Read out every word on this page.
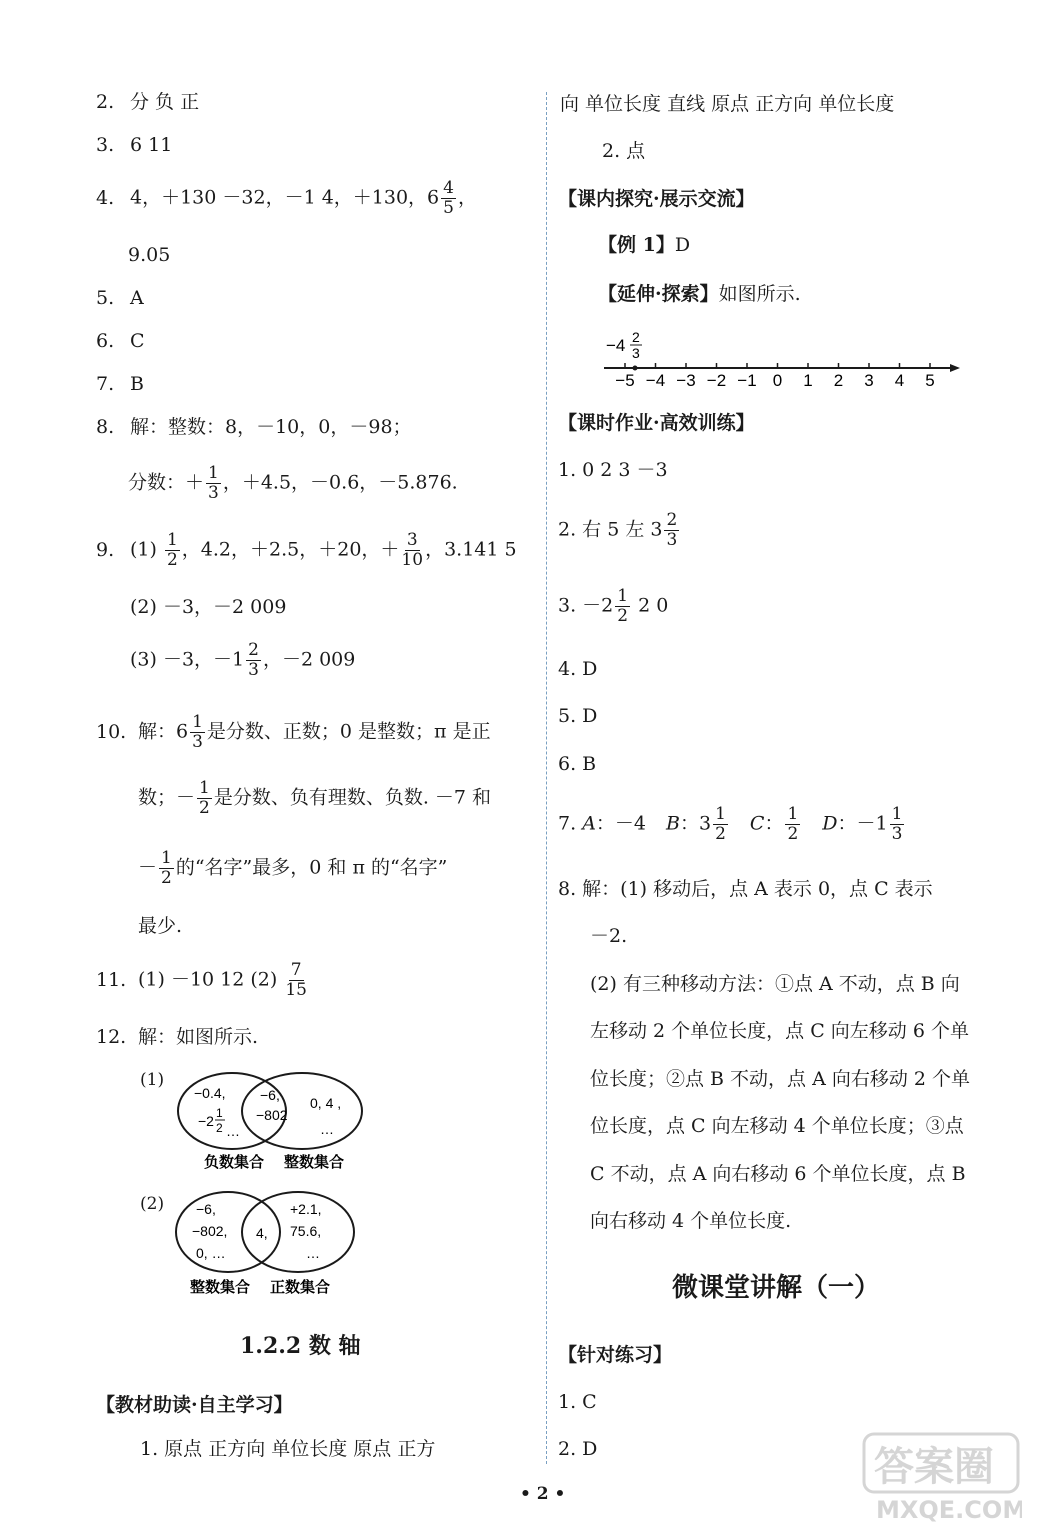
2. 分 负 正
3. 6 11
4. 4，＋130 －32，－1 4，＋130，$6 \frac{4}{5}$ ，
9.05
5. A
6. C
7. B
8. 解：整数：8，－10，0，－98；
分数：＋ $\frac{1}{3}$ ，＋4.5，－0.6，－5.876.
9. $(1) \frac{1}{2}$ ，4.2，＋2.5，＋20，＋ $\frac{3}{10}$ ，3.141 5
(2) －3，－2 009
(3) －3，$-1 \frac{2}{3}$ ，－2 009
10. 解：$6 \frac{1}{3}$ 是分数、正数；0 是整数；π 是正
数；－ $\frac{1}{2}$ 是分数、负有理数、负数. －7 和
－ $\frac{1}{2}$ 的“名字”最多，0 和 π 的“名字”
最少.
11. (1) －10 12 $(2) \frac{7}{15}$
12. 解：如图所示.
(1)
−0.4,
−2 1
2 …
−6,
−802
0, 4 ,
…
负数集合 整数集合
(2) −6,
−802,
0, …
4,
+2.1,
75.6,
…
整数集合 正数集合
1.2.2 数 轴
【教材助读·自主学习】
1. 原点 正方向 单位长度 原点 正方
向 单位长度 直线 原点 正方向 单位长度
2. 点
【课内探究·展示交流】
【例 1】D
【延伸·探索】如图所示.
−5 −4 −3 −2 −1 0 1 2 3 4 5
−4 2
3
【课时作业·高效训练】
1. 0 2 3 －3
2. 右 5 左 $3 \frac{2}{3}$
3. $-2 \frac{1}{2} 2$ 0
4. D
5. D
6. B
7. A：－4 B：$3 \frac{1}{2}$ C： $\frac{1}{2}$ D：$-1 \frac{1}{3}$
8. 解：(1) 移动后，点 A 表示 0，点 C 表示
－2.
(2) 有三种移动方法：①点 A 不动，点 B 向
左移动 2 个单位长度，点 C 向左移动 6 个单
位长度；②点 B 不动，点 A 向右移动 2 个单
位长度，点 C 向左移动 4 个单位长度；③点
C 不动，点 A 向右移动 6 个单位长度，点 B
向右移动 4 个单位长度.
微课堂讲解（一）
【针对练习】
1. C
2. D
• 2 •
答案圈
MXQE.COM
